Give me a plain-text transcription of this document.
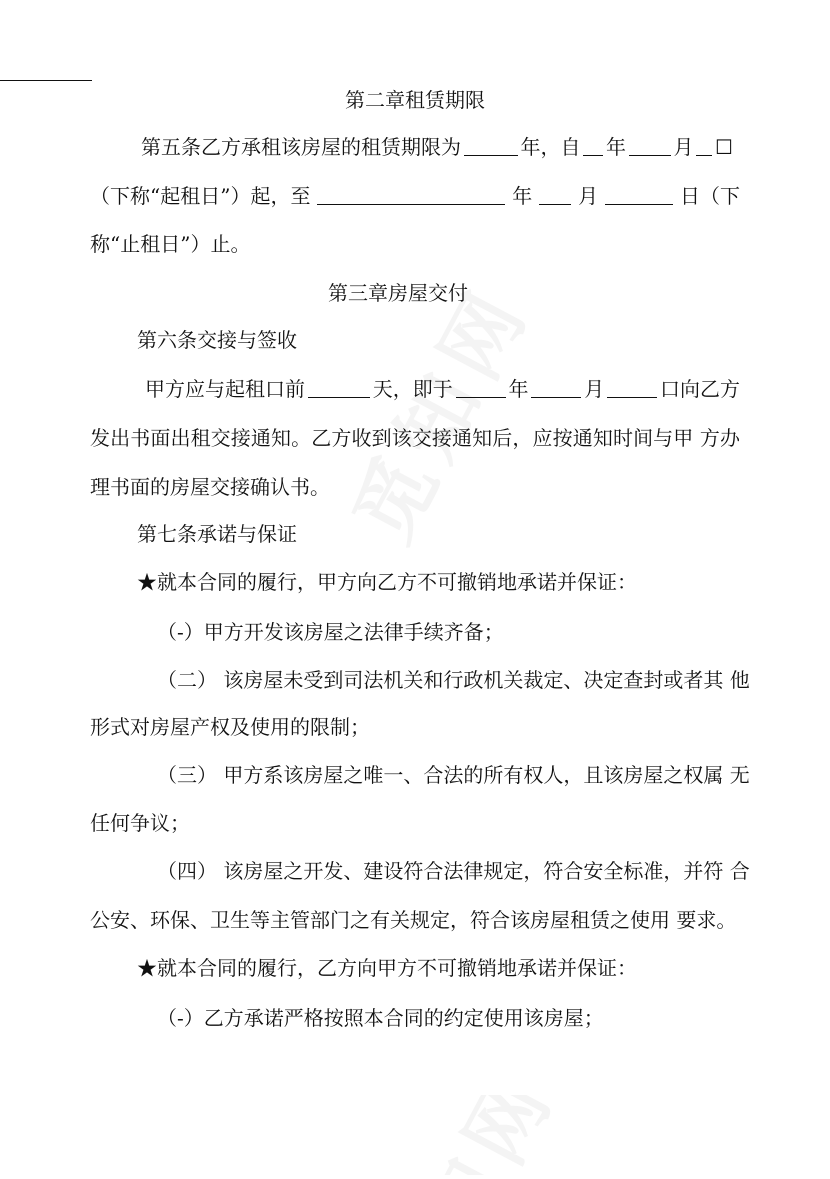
第二章租赁期限
第五条乙方承租该房屋的租赁期限为	年，自 年 月 ☐
（下称“起租日”）起，至	年 月	日（下
称“止租日”）止。
第三章房屋交付
第六条交接与签收
甲方应与起租口前	天，即于	年	月	口向乙方
发出书面出租交接通知。乙方收到该交接通知后，应按通知时间与甲 方办
理书面的房屋交接确认书。
第七条承诺与保证
★就本合同的履行，甲方向乙方不可撤销地承诺并保证：
（-）甲方开发该房屋之法律手续齐备；
（二） 该房屋未受到司法机关和行政机关裁定、决定查封或者其 他
形式对房屋产权及使用的限制；
（三） 甲方系该房屋之唯一、合法的所有权人，且该房屋之权属 无
任何争议；
（四） 该房屋之开发、建设符合法律规定，符合安全标准，并符 合
公安、环保、卫生等主管部门之有关规定，符合该房屋租赁之使用 要求。
★就本合同的履行，乙方向甲方不可撤销地承诺并保证：
（-）乙方承诺严格按照本合同的约定使用该房屋；
